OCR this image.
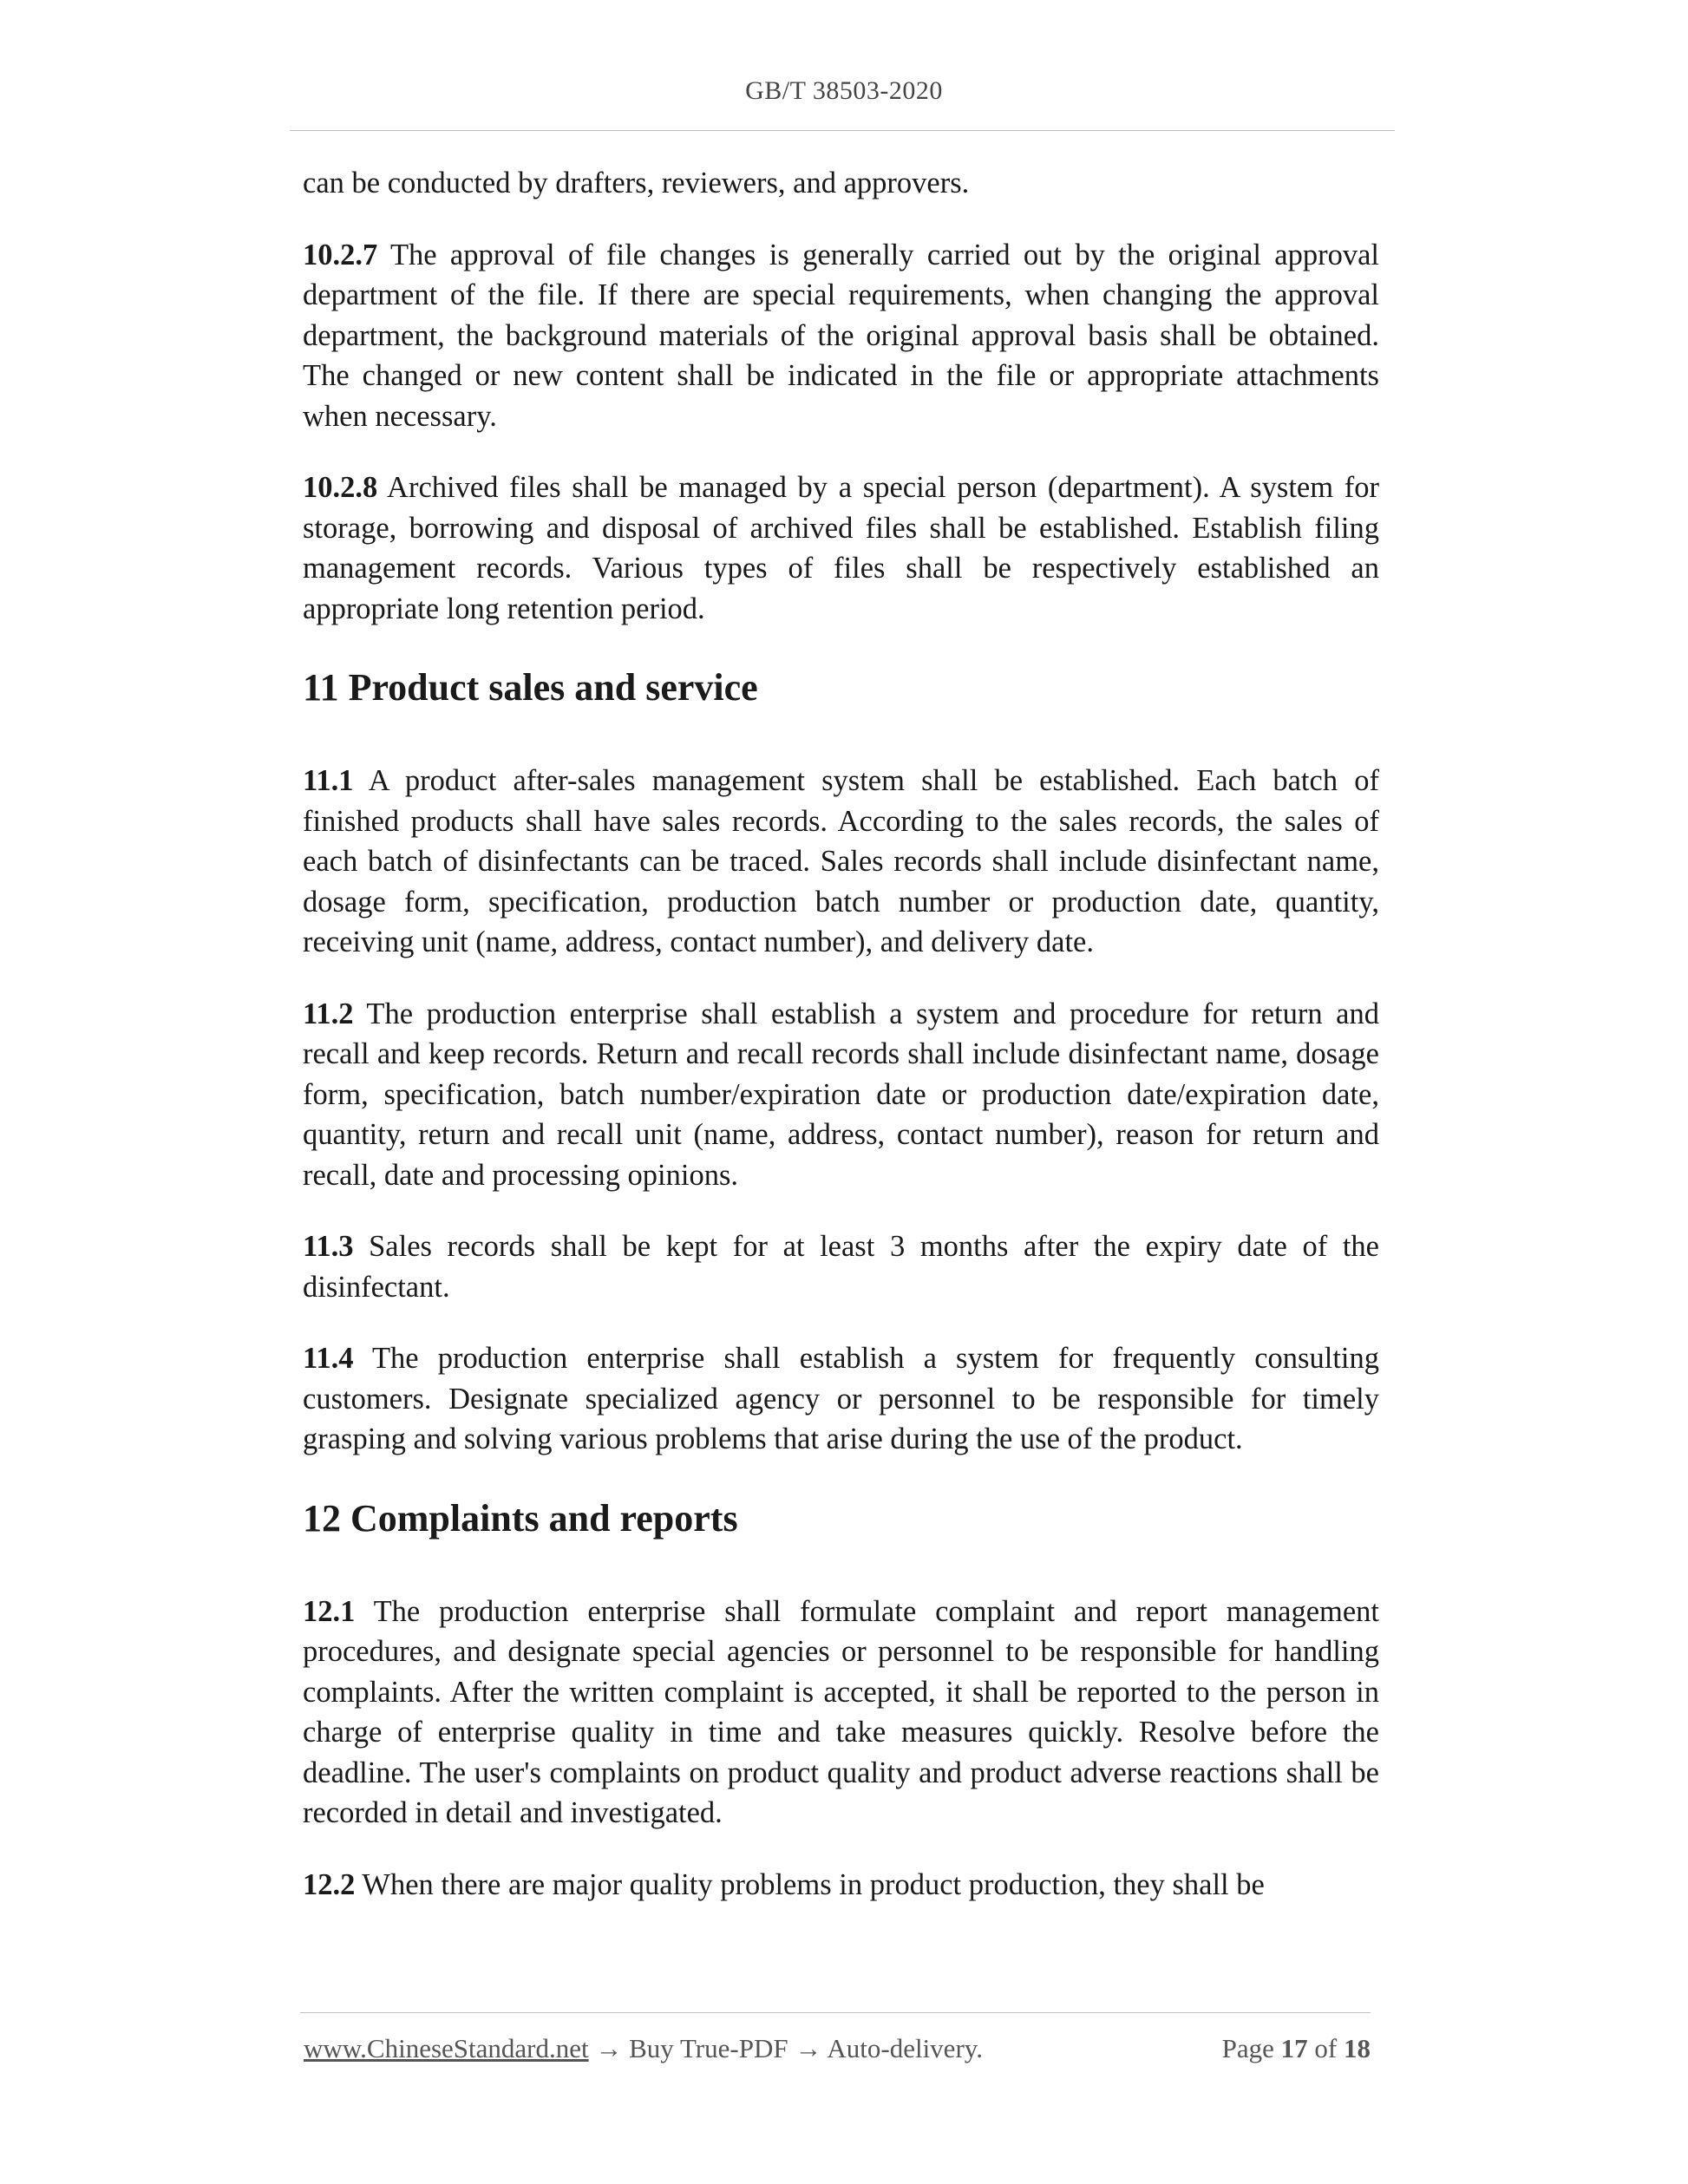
GB/T 38503-2020

can be conducted by drafters, reviewers, and approvers.

10.2.7 The approval of file changes is generally carried out by the original approval department of the file. If there are special requirements, when changing the approval department, the background materials of the original approval basis shall be obtained. The changed or new content shall be indicated in the file or appropriate attachments when necessary.

10.2.8 Archived files shall be managed by a special person (department). A system for storage, borrowing and disposal of archived files shall be established. Establish filing management records. Various types of files shall be respectively established an appropriate long retention period.

11 Product sales and service

11.1 A product after-sales management system shall be established. Each batch of finished products shall have sales records. According to the sales records, the sales of each batch of disinfectants can be traced. Sales records shall include disinfectant name, dosage form, specification, production batch number or production date, quantity, receiving unit (name, address, contact number), and delivery date.

11.2 The production enterprise shall establish a system and procedure for return and recall and keep records. Return and recall records shall include disinfectant name, dosage form, specification, batch number/expiration date or production date/expiration date, quantity, return and recall unit (name, address, contact number), reason for return and recall, date and processing opinions.

11.3 Sales records shall be kept for at least 3 months after the expiry date of the disinfectant.

11.4 The production enterprise shall establish a system for frequently consulting customers. Designate specialized agency or personnel to be responsible for timely grasping and solving various problems that arise during the use of the product.

12 Complaints and reports

12.1 The production enterprise shall formulate complaint and report management procedures, and designate special agencies or personnel to be responsible for handling complaints. After the written complaint is accepted, it shall be reported to the person in charge of enterprise quality in time and take measures quickly. Resolve before the deadline. The user's complaints on product quality and product adverse reactions shall be recorded in detail and investigated.

12.2 When there are major quality problems in product production, they shall be

www.ChineseStandard.net → Buy True-PDF → Auto-delivery.	Page 17 of 18
